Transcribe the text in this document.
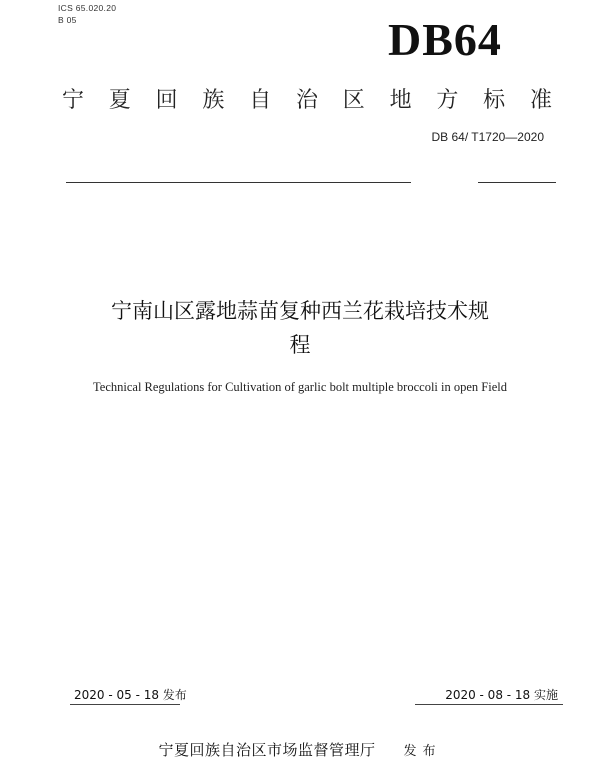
ICS 65.020.20
B 05	DB64
宁 夏 回 族 自 治 区 地 方 标 准
DB 64/ T1720—2020
宁南山区露地蒜苗复种西兰花栽培技术规
程
Technical Regulations for Cultivation of garlic bolt multiple broccoli in open Field
2020 - 05 - 18 发布	2020 - 08 - 18 实施
宁夏回族自治区市场监督管理厅 发布
